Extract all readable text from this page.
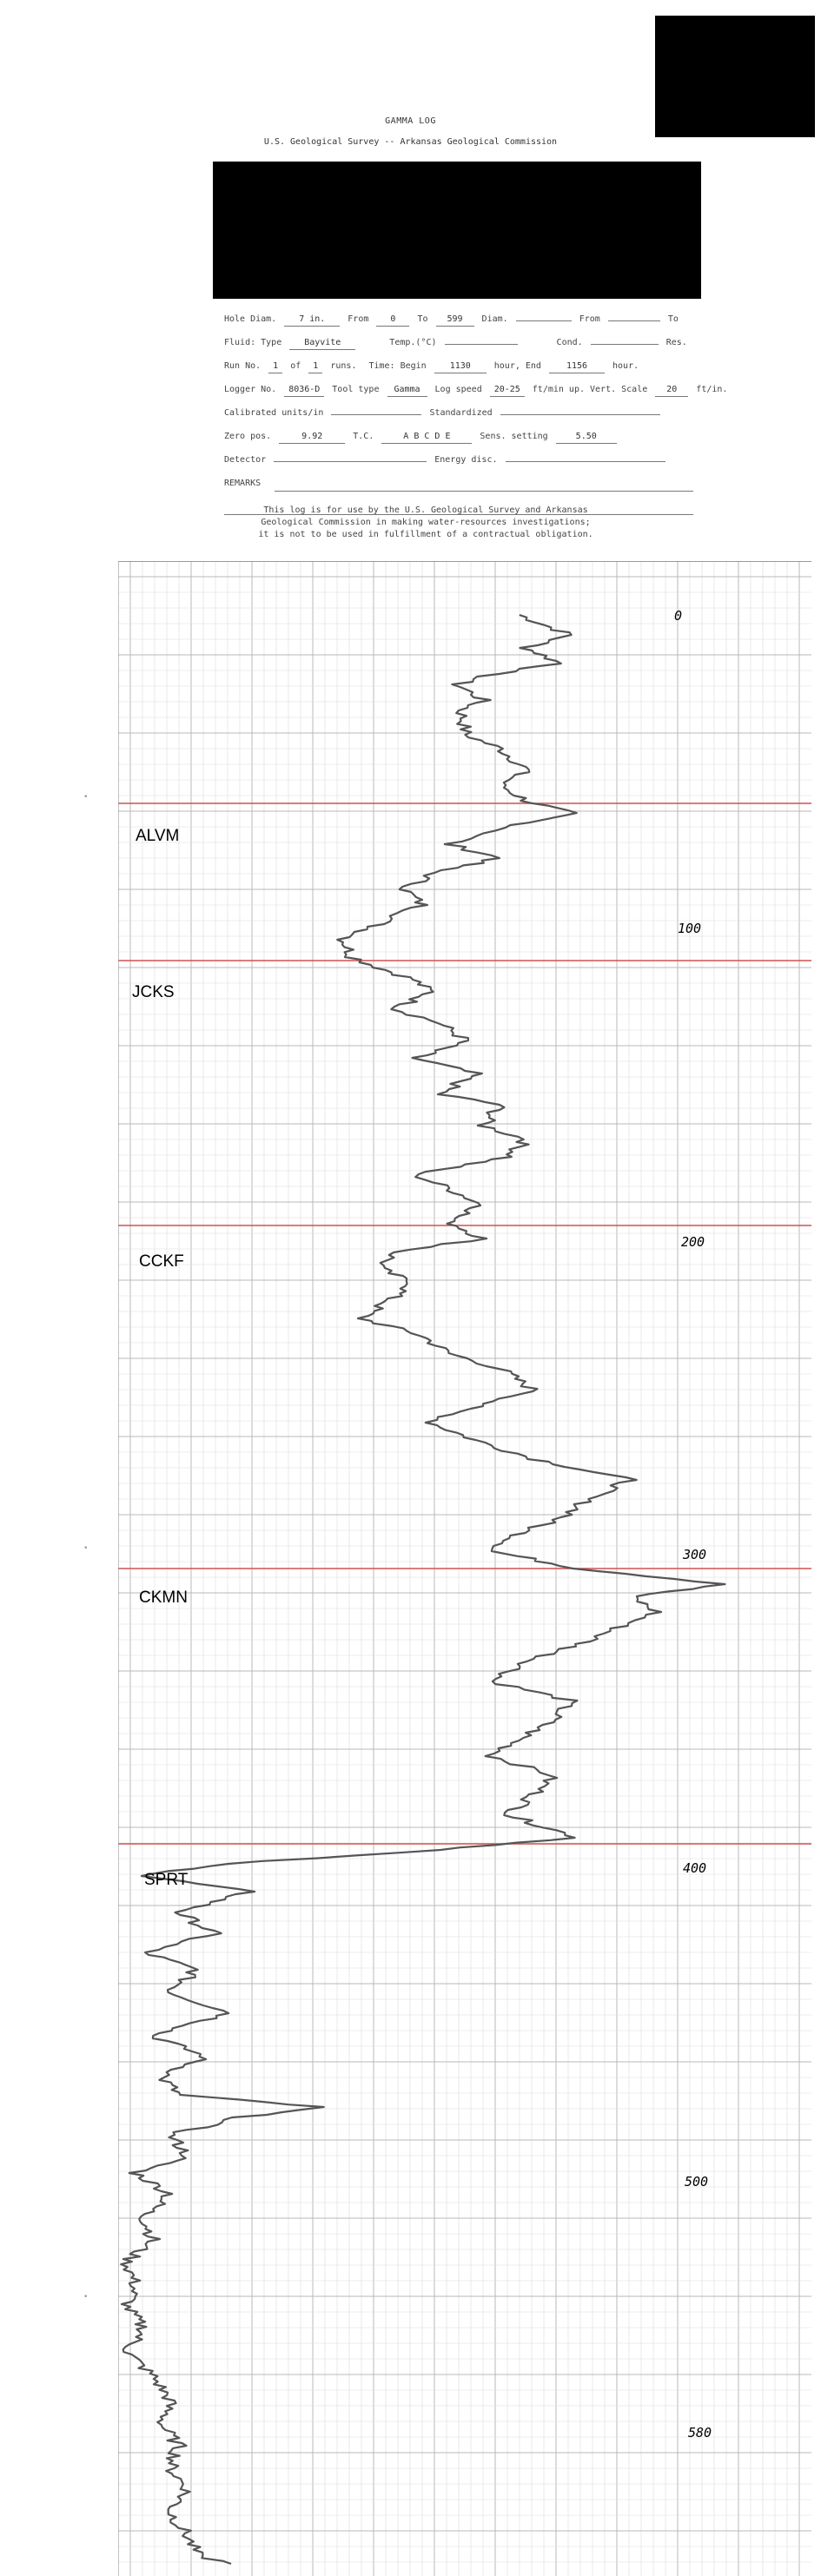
GAMMA LOG
U.S. Geological Survey -- Arkansas Geological Commission
Hole Diam.	7 in.	From	0	To 599 Diam.	From	To
Fluid: Type	Bayvite	Temp.(°C)	Cond.	Res.
Run No. 1 of 1 runs. Time: Begin	1130	hour, End	1156	hour.
Logger No. 8036-D Tool type Gamma Log speed 20-25 ft/min up. Vert. Scale 20 ft/in.
Calibrated units/in	Standardized
Zero pos.	9.92	T.C.	A B C D E	Sens. setting	5.50
Detector	Energy disc.
REMARKS
This log is for use by the U.S. Geological Survey and Arkansas
Geological Commission in making water-resources investigations;
it is not to be used in fulfillment of a contractual obligation.
•
•
•
ALVM
JCKS
CCKF
CKMN
SPRT
0
100
200
300
400
500
580
